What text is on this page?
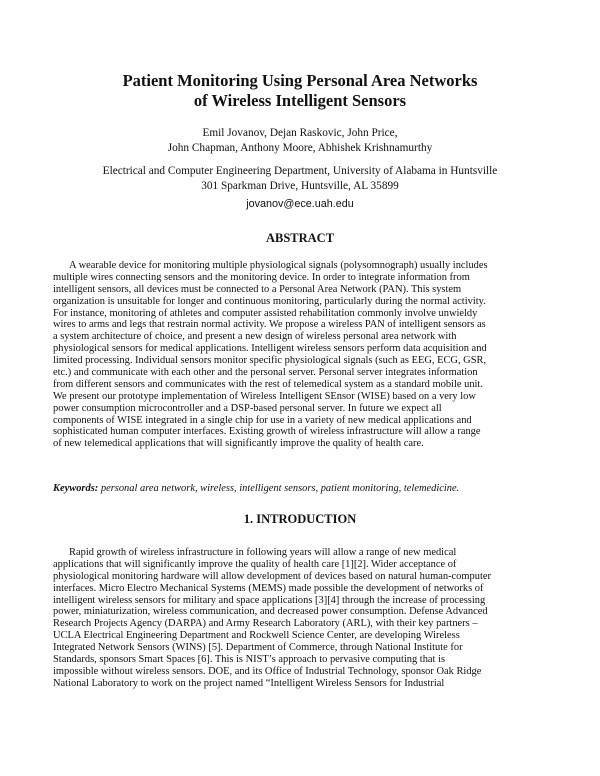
Patient Monitoring Using Personal Area Networks
of Wireless Intelligent Sensors
Emil Jovanov, Dejan Raskovic, John Price,
John Chapman, Anthony Moore, Abhishek Krishnamurthy
Electrical and Computer Engineering Department, University of Alabama in Huntsville
301 Sparkman Drive, Huntsville, AL 35899
jovanov@ece.uah.edu
ABSTRACT
A wearable device for monitoring multiple physiological signals (polysomnograph) usually includes
multiple wires connecting sensors and the monitoring device. In order to integrate information from
intelligent sensors, all devices must be connected to a Personal Area Network (PAN). This system
organization is unsuitable for longer and continuous monitoring, particularly during the normal activity.
For instance, monitoring of athletes and computer assisted rehabilitation commonly involve unwieldy
wires to arms and legs that restrain normal activity. We propose a wireless PAN of intelligent sensors as
a system architecture of choice, and present a new design of wireless personal area network with
physiological sensors for medical applications. Intelligent wireless sensors perform data acquisition and
limited processing. Individual sensors monitor specific physiological signals (such as EEG, ECG, GSR,
etc.) and communicate with each other and the personal server. Personal server integrates information
from different sensors and communicates with the rest of telemedical system as a standard mobile unit.
We present our prototype implementation of Wireless Intelligent SEnsor (WISE) based on a very low
power consumption microcontroller and a DSP-based personal server. In future we expect all
components of WISE integrated in a single chip for use in a variety of new medical applications and
sophisticated human computer interfaces. Existing growth of wireless infrastructure will allow a range
of new telemedical applications that will significantly improve the quality of health care.
Keywords: personal area network, wireless, intelligent sensors, patient monitoring, telemedicine.
1. INTRODUCTION
Rapid growth of wireless infrastructure in following years will allow a range of new medical
applications that will significantly improve the quality of health care [1][2]. Wider acceptance of
physiological monitoring hardware will allow development of devices based on natural human-computer
interfaces. Micro Electro Mechanical Systems (MEMS) made possible the development of networks of
intelligent wireless sensors for military and space applications [3][4] through the increase of processing
power, miniaturization, wireless communication, and decreased power consumption. Defense Advanced
Research Projects Agency (DARPA) and Army Research Laboratory (ARL), with their key partners –
UCLA Electrical Engineering Department and Rockwell Science Center, are developing Wireless
Integrated Network Sensors (WINS) [5]. Department of Commerce, through National Institute for
Standards, sponsors Smart Spaces [6]. This is NIST’s approach to pervasive computing that is
impossible without wireless sensors. DOE, and its Office of Industrial Technology, sponsor Oak Ridge
National Laboratory to work on the project named “Intelligent Wireless Sensors for Industrial
